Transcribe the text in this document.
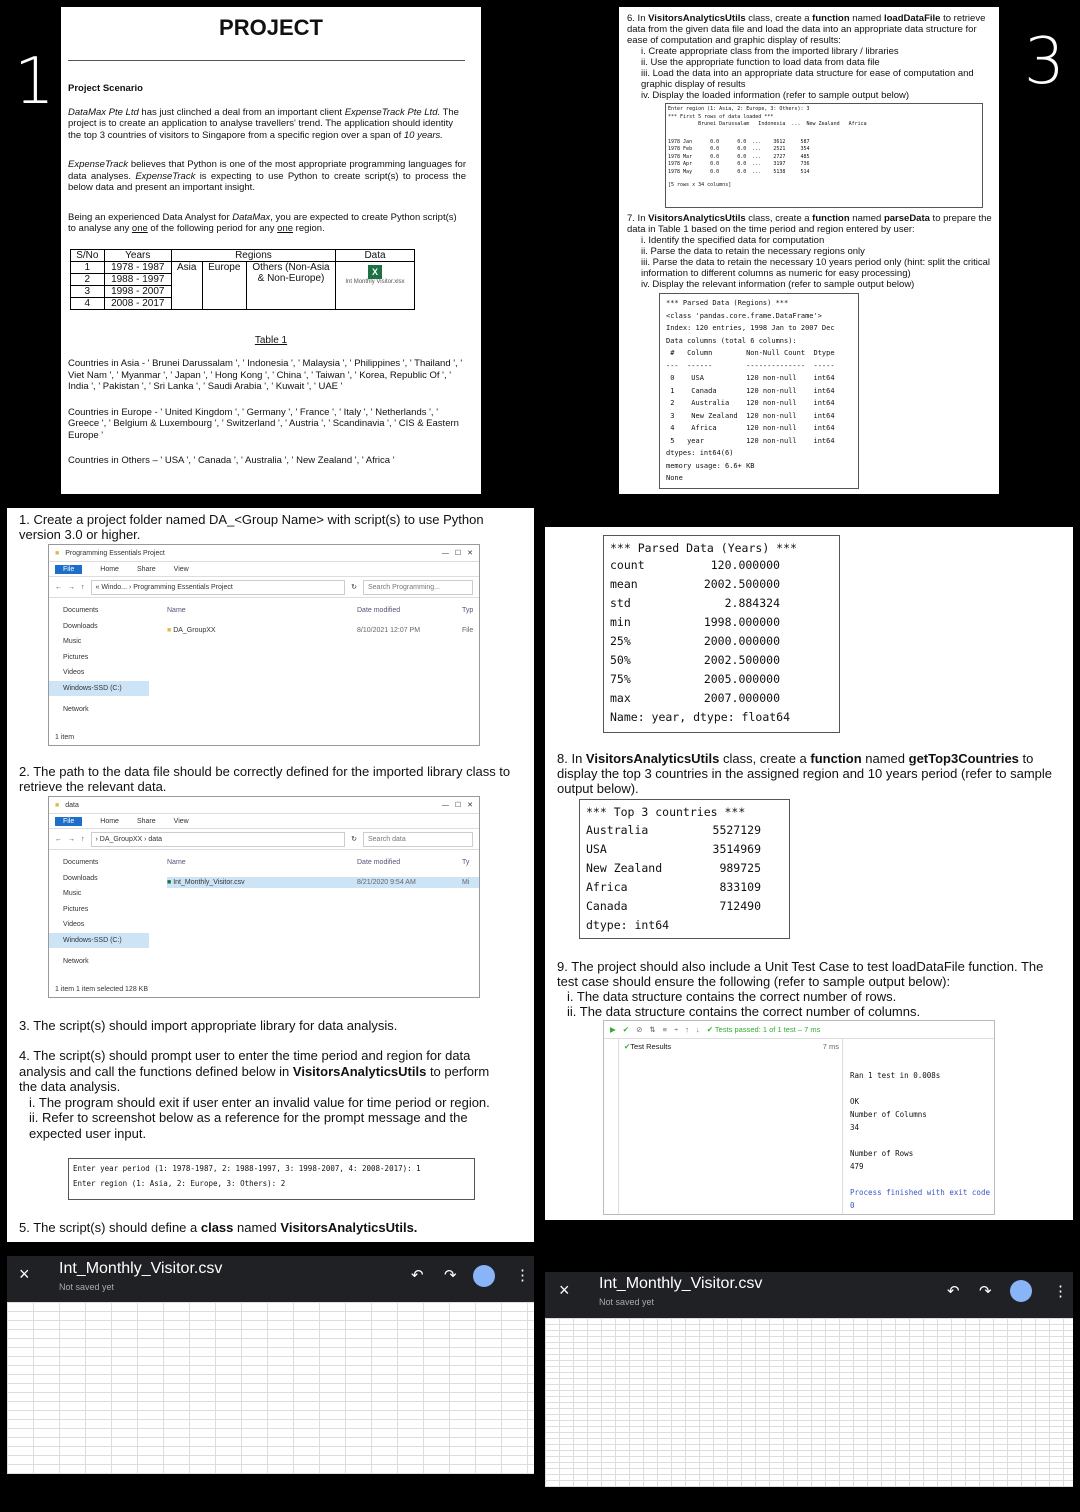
1	3
PROJECT

Project Scenario

DataMax Pte Ltd has just clinched a deal from an important client ExpenseTrack Pte Ltd. The project is to create an application to analyse travellers' trend. The application should identity the top 3 countries of visitors to Singapore from a specific region over a span of 10 years.

ExpenseTrack believes that Python is one of the most appropriate programming languages for data analyses. ExpenseTrack is expecting to use Python to create script(s) to process the below data and present an important insight.

Being an experienced Data Analyst for DataMax, you are expected to create Python script(s) to analyse any one of the following period for any one region.

S/No	Years	Regions			Data
1	1978 - 1987	Asia	Europe	Others (Non-Asia & Non-Europe)	X
Int Monthly Visitor.xlsx

2	1988 - 1997				
3	1998 - 2007				
4	2008 - 2017				
Table 1

Countries in Asia - ' Brunei Darussalam ', ' Indonesia ', ' Malaysia ', ' Philippines ', ' Thailand ', ' Viet Nam ', ' Myanmar ', ' Japan ', ' Hong Kong ', ' China ', ' Taiwan ', ' Korea, Republic Of ', ' India ', ' Pakistan ', ' Sri Lanka ', ' Saudi Arabia ', ' Kuwait ', ' UAE '

Countries in Europe - ' United Kingdom ', ' Germany ', ' France ', ' Italy ', ' Netherlands ', ' Greece ', ' Belgium & Luxembourg ', ' Switzerland ', ' Austria ', ' Scandinavia ', ' CIS & Eastern Europe '

Countries in Others – ' USA ', ' Canada ', ' Australia ', ' New Zealand ', ' Africa '

6. In VisitorsAnalyticsUtils class, create a function named loadDataFile to retrieve data from the given data file and load the data into an appropriate data structure for ease of computation and graphic display of results:

i. Create appropriate class from the imported library / libraries

ii. Use the appropriate function to load data from data file

iii. Load the data into an appropriate data structure for ease of computation and graphic display of results

iv. Display the loaded information (refer to sample output below)

Enter region (1: Asia, 2: Europe, 3: Others): 3
*** First 5 rows of data loaded ***
Brunei Darussalam   Indonesia  ...  New Zealand   Africa
1978 Jan      0.0      0.0  ...    3612     587
1978 Feb      0.0      0.0  ...    2521     354
1978 Mar      0.0      0.0  ...    2727     485
1978 Apr      0.0      0.0  ...    3197     736
1978 May      0.0      0.0  ...    5138     514
[5 rows x 34 columns]

7. In VisitorsAnalyticsUtils class, create a function named parseData to prepare the data in Table 1 based on the time period and region entered by user:

i. Identify the specified data for computation

ii. Parse the data to retain the necessary regions only

iii. Parse the data to retain the necessary 10 years period only (hint: split the critical information to different columns as numeric for easy processing)

iv. Display the relevant information (refer to sample output below)

*** Parsed Data (Regions) ***
<class 'pandas.core.frame.DataFrame'>
Index: 120 entries, 1998 Jan to 2007 Dec
Data columns (total 6 columns):
#   Column        Non-Null Count  Dtype
---  ------        --------------  -----
0    USA          120 non-null    int64
1    Canada       120 non-null    int64
2    Australia    120 non-null    int64
3    New Zealand  120 non-null    int64
4    Africa       120 non-null    int64
5   year          120 non-null    int64
dtypes: int64(6)
memory usage: 6.6+ KB
None
1. Create a project folder named DA_<Group Name> with script(s) to use Python version 3.0 or higher.
■ Programming Essentials Project	— ☐ ✕
File	Home	Share	View
← → ↑	« Windo... › Programming Essentials Project	↻	Search Programming...
Documents
Downloads
Music
Pictures
Videos
Windows-SSD (C:)
Network
Name	Date modified	Typ
■ DA_GroupXX	8/10/2021 12:07 PM	File
1 item
2. The path to the data file should be correctly defined for the imported library class to retrieve the relevant data.
■ data	— ☐ ✕
File	Home	Share	View
← → ↑	› DA_GroupXX › data	↻	Search data
Documents
Downloads
Music
Pictures
Videos
Windows-SSD (C:)
Network
Name	Date modified	Ty
■ Int_Monthly_Visitor.csv	8/21/2020 9:54 AM	Mi
1 item 1 item selected 128 KB
3. The script(s) should import appropriate library for data analysis.

4. The script(s) should prompt user to enter the time period and region for data analysis and call the functions defined below in VisitorsAnalyticsUtils to perform the data analysis.

i. The program should exit if user enter an invalid value for time period or region.

ii. Refer to screenshot below as a reference for the prompt message and the expected user input.

Enter year period (1: 1978-1987, 2: 1988-1997, 3: 1998-2007, 4: 2008-2017): 1
Enter region (1: Asia, 2: Europe, 3: Others): 2
5. The script(s) should define a class named VisitorsAnalyticsUtils.
*** Parsed Data (Years) ***
count	120.000000
mean	2002.500000
std	2.884324
min	1998.000000
25%	2000.000000
50%	2002.500000
75%	2005.000000
max	2007.000000
Name: year, dtype: float64
8. In VisitorsAnalyticsUtils class, create a function named getTop3Countries to display the top 3 countries in the assigned region and 10 years period (refer to sample output below).
*** Top 3 countries ***
Australia	5527129
USA	3514969
New Zealand	989725
Africa	833109
Canada	712490
dtype: int64

9. The project should also include a Unit Test Case to test loadDataFile function. The test case should ensure the following (refer to sample output below):

i. The data structure contains the correct number of rows.

ii. The data structure contains the correct number of columns.

▶ ✔ ⊘ ⇅ ≡ ÷ ↑ ↓ ✔ Tests passed: 1 of 1 test – 7 ms
✔ Test Results	7 ms
Ran 1 test in 0.008s
OK
Number of Columns
34
Number of Rows
479
Process finished with exit code 0
× Int_Monthly_Visitor.csv
Not saved yet
↶ ↷	⋮
× Int_Monthly_Visitor.csv
Not saved yet
↶ ↷	⋮
